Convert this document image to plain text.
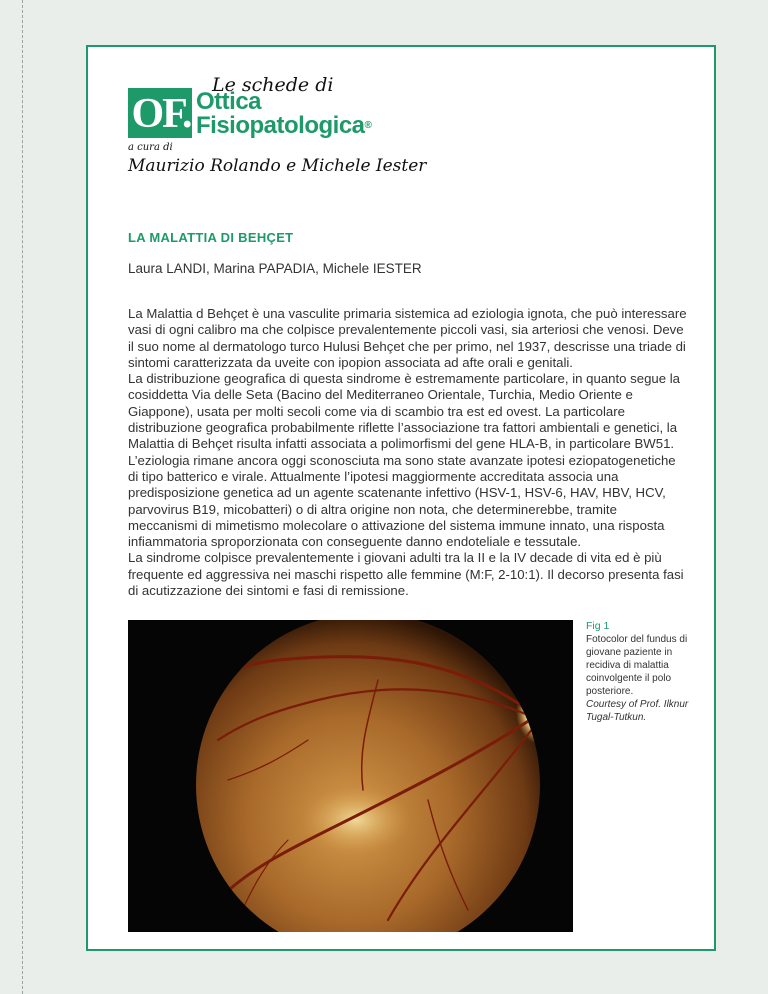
Le schede di
OF. Ottica
Fisiopatologica®
a cura di
Maurizio Rolando e Michele Iester
LA MALATTIA DI BEHÇET

Laura LANDI, Marina PAPADIA, Michele IESTER

La Malattia d Behçet è una vasculite primaria sistemica ad eziologia ignota, che può interessare vasi di ogni calibro ma che colpisce prevalentemente piccoli vasi, sia arteriosi che venosi. Deve il suo nome al dermatologo turco Hulusi Behçet che per primo, nel 1937, descrisse una triade di sintomi caratterizzata da uveite con ipopion associata ad afte orali e genitali.

La distribuzione geografica di questa sindrome è estremamente particolare, in quanto segue la cosiddetta Via delle Seta (Bacino del Mediterraneo Orientale, Turchia, Medio Oriente e Giappone), usata per molti secoli come via di scambio tra est ed ovest. La particolare distribuzione geografica probabilmente riflette l’associazione tra fattori ambientali e genetici, la Malattia di Behçet risulta infatti associata a polimorfismi del gene HLA-B, in particolare BW51. L’eziologia rimane ancora oggi sconosciuta ma sono state avanzate ipotesi eziopatogenetiche di tipo batterico e virale. Attualmente l’ipotesi maggiormente accreditata associa una predisposizione genetica ad un agente scatenante infettivo (HSV-1, HSV-6, HAV, HBV, HCV, parvovirus B19, micobatteri) o di altra origine non nota, che determinerebbe, tramite meccanismi di mimetismo molecolare o attivazione del sistema immune innato, una risposta infiammatoria sproporzionata con conseguente danno endoteliale e tessutale.

La sindrome colpisce prevalentemente i giovani adulti tra la II e la IV decade di vita ed è più frequente ed aggressiva nei maschi rispetto alle femmine (M:F, 2-10:1). Il decorso presenta fasi di acutizzazione dei sintomi e fasi di remissione.

Fig 1
Fotocolor del fundus di giovane paziente in recidiva di malattia coinvolgente il polo posteriore.
Courtesy of Prof. Ilknur Tugal-Tutkun.
